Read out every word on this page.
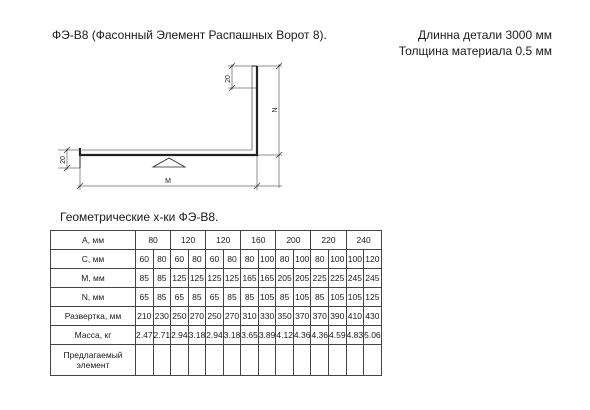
ФЭ-В8 (Фасонный Элемент Распашных Ворот 8).	Длинна детали 3000 мм
Толщина материала 0.5 мм
20
N
20
M
Геометрические х-ки ФЭ-В8.
А, мм	80		120		120		160		200		220		240	
С, мм	60	80	60	80	60	80	80	100	80	100	80	100	100	120
М, мм	85	85	125	125	125	125	165	165	205	205	225	225	245	245
N, мм	65	85	65	85	65	85	85	105	85	105	85	105	105	125
Развертка, мм	210	230	250	270	250	270	310	330	350	370	370	390	410	430
Масса, кг	2.47	2.71	2.94	3.18	2.94	3.18	3.65	3.89	4.12	4.36	4.36	4.59	4.83	5.06
Предлагаемый
элемент														
